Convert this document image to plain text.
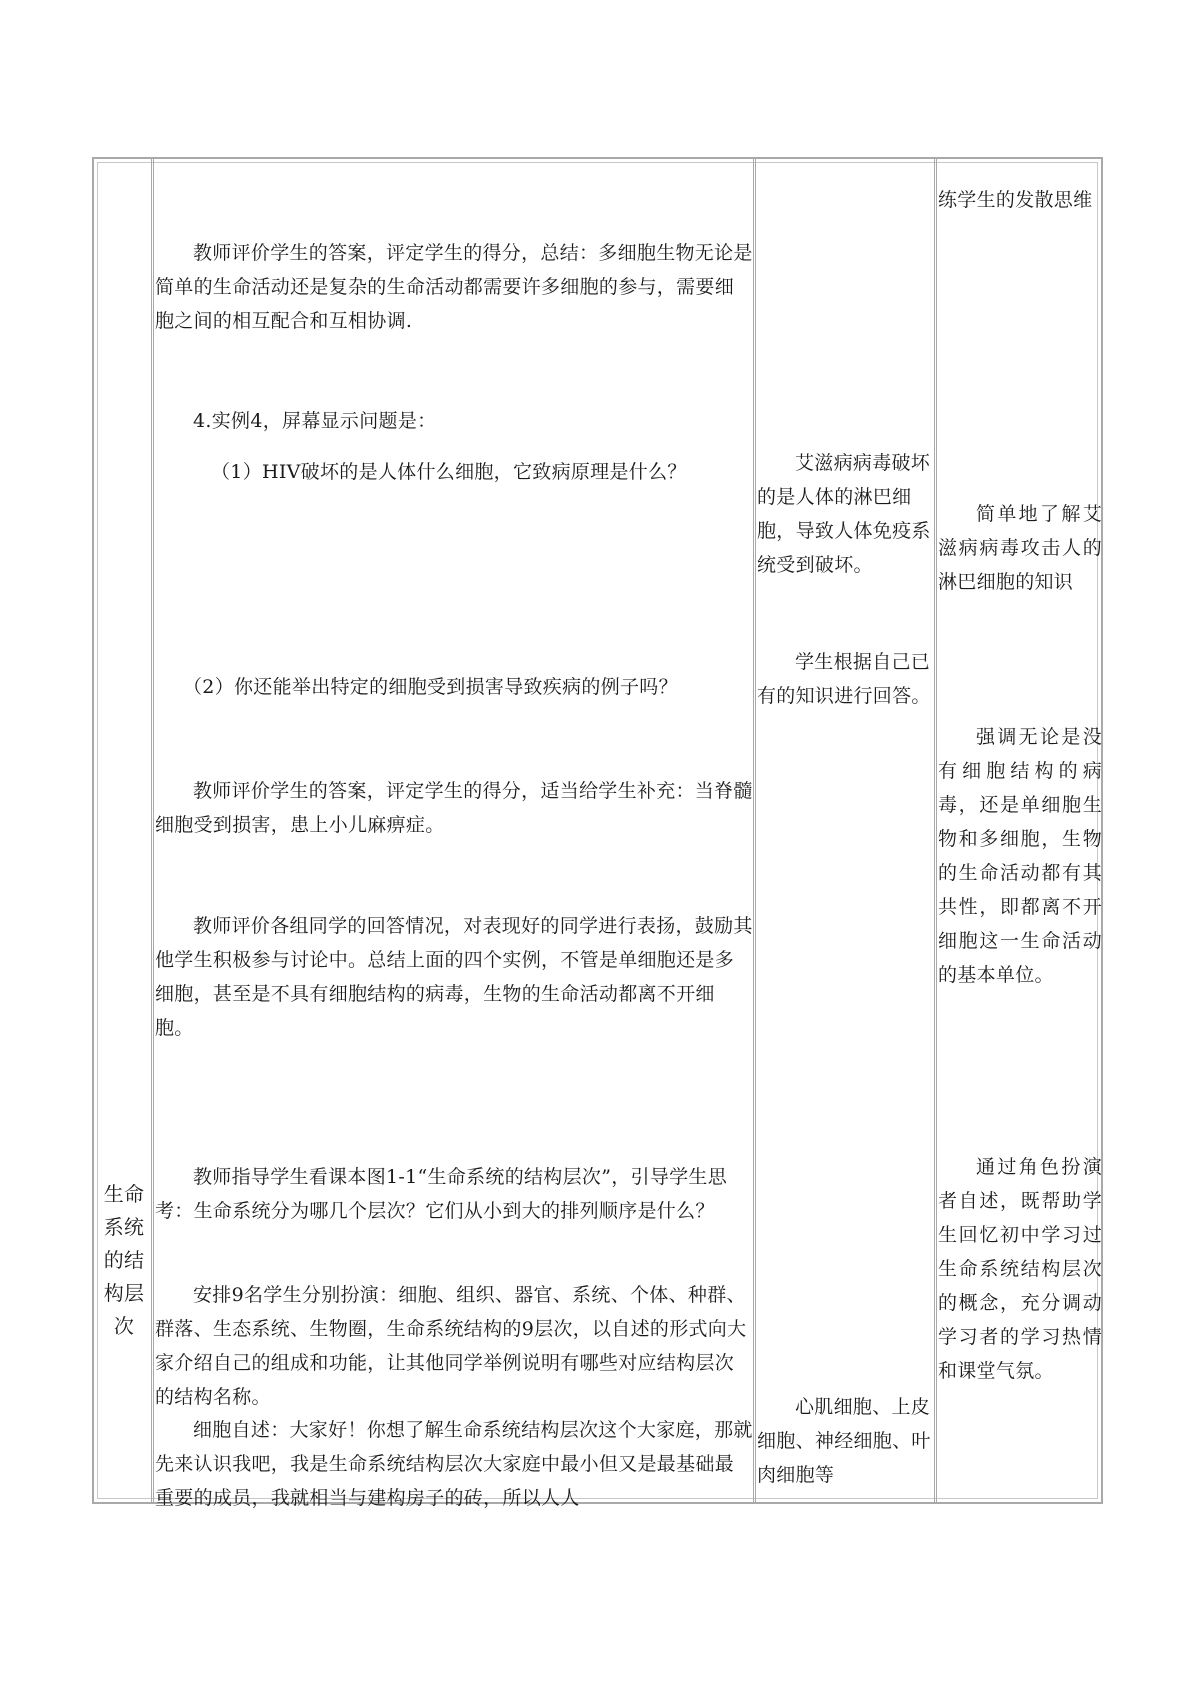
生命系统的结构层次
教师评价学生的答案，评定学生的得分，总结：多细胞生物无论是简单的生命活动还是复杂的生命活动都需要许多细胞的参与，需要细胞之间的相互配合和互相协调.
4.实例4，屏幕显示问题是：
（1）HIV破坏的是人体什么细胞，它致病原理是什么？
（2）你还能举出特定的细胞受到损害导致疾病的例子吗？
教师评价学生的答案，评定学生的得分，适当给学生补充：当脊髓细胞受到损害，患上小儿麻痹症。
教师评价各组同学的回答情况，对表现好的同学进行表扬，鼓励其他学生积极参与讨论中。总结上面的四个实例，不管是单细胞还是多细胞，甚至是不具有细胞结构的病毒，生物的生命活动都离不开细胞。
教师指导学生看课本图1-1“生命系统的结构层次”，引导学生思考：生命系统分为哪几个层次？它们从小到大的排列顺序是什么？
安排9名学生分别扮演：细胞、组织、器官、系统、个体、种群、群落、生态系统、生物圈，生命系统结构的9层次，以自述的形式向大家介绍自己的组成和功能，让其他同学举例说明有哪些对应结构层次的结构名称。
细胞自述：大家好！你想了解生命系统结构层次这个大家庭，那就先来认识我吧，我是生命系统结构层次大家庭中最小但又是最基础最重要的成员，我就相当与建构房子的砖，所以人人
艾滋病病毒破坏的是人体的淋巴细胞，导致人体免疫系统受到破坏。
学生根据自己已有的知识进行回答。
心肌细胞、上皮细胞、神经细胞、叶肉细胞等
练学生的发散思维
简单地了解艾滋病病毒攻击人的淋巴细胞的知识
强调无论是没有细胞结构的病毒，还是单细胞生物和多细胞，生物的生命活动都有其共性，即都离不开细胞这一生命活动的基本单位。
通过角色扮演者自述，既帮助学生回忆初中学习过生命系统结构层次的概念，充分调动学习者的学习热情和课堂气氛。
